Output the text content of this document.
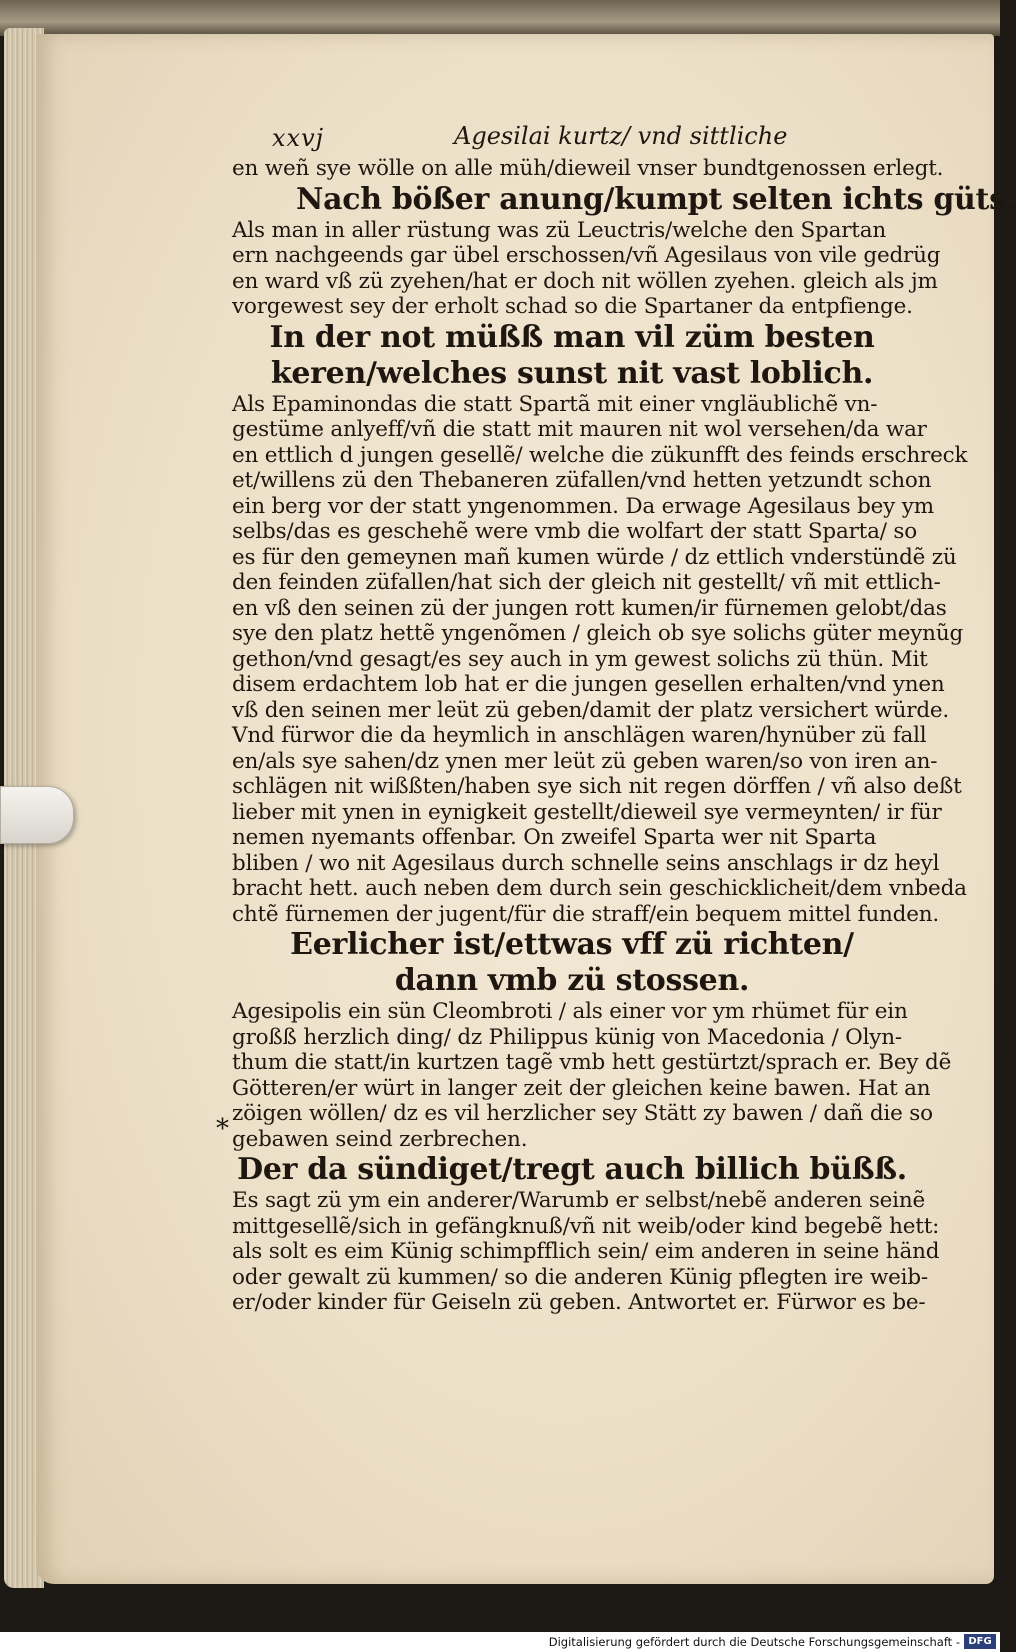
xxvj	Agesilai kurtz/ vnd sittliche
en weñ sye wölle on alle müh/dieweil vnser bundtgenossen erlegt.
Nach bößer anung/kumpt selten ichts güts.
Als man in aller rüstung was zü Leuctris/welche den Spartan
ern nachgeends gar übel erschossen/vñ Agesilaus von vile gedrüg
en ward vß zü zyehen/hat er doch nit wöllen zyehen. gleich als jm
vorgewest sey der erholt schad so die Spartaner da entpfienge.
In der not müßß man vil züm besten
keren/welches sunst nit vast loblich.
Als Epaminondas die statt Spartã mit einer vngläublichẽ vn-
gestüme anlyeff/vñ die statt mit mauren nit wol versehen/da war
en ettlich d jungen gesellẽ/ welche die zükunfft des feinds erschreck
et/willens zü den Thebaneren züfallen/vnd hetten yetzundt schon
ein berg vor der statt yngenommen. Da erwage Agesilaus bey ym
selbs/das es geschehẽ were vmb die wolfart der statt Sparta/ so
es für den gemeynen mañ kumen würde / dz ettlich vnderstündẽ zü
den feinden züfallen/hat sich der gleich nit gestellt/ vñ mit ettlich-
en vß den seinen zü der jungen rott kumen/ir fürnemen gelobt/das
sye den platz hettẽ yngenõmen / gleich ob sye solichs güter meynũg
gethon/vnd gesagt/es sey auch in ym gewest solichs zü thün. Mit
disem erdachtem lob hat er die jungen gesellen erhalten/vnd ynen
vß den seinen mer leüt zü geben/damit der platz versichert würde.
Vnd fürwor die da heymlich in anschlägen waren/hynüber zü fall
en/als sye sahen/dz ynen mer leüt zü geben waren/so von iren an-
schlägen nit wißßten/haben sye sich nit regen dörffen / vñ also deßt
lieber mit ynen in eynigkeit gestellt/dieweil sye vermeynten/ ir für
nemen nyemants offenbar. On zweifel Sparta wer nit Sparta
bliben / wo nit Agesilaus durch schnelle seins anschlags ir dz heyl
bracht hett. auch neben dem durch sein geschicklicheit/dem vnbeda
chtẽ fürnemen der jugent/für die straff/ein bequem mittel funden.
Eerlicher ist/ettwas vff zü richten/
dann vmb zü stossen.
Agesipolis ein sün Cleombroti / als einer vor ym rhümet für ein
großß herzlich ding/ dz Philippus künig von Macedonia / Olyn-
thum die statt/in kurtzen tagẽ vmb hett gestürtzt/sprach er. Bey dẽ
Götteren/er würt in langer zeit der gleichen keine bawen. Hat an
zöigen wöllen/ dz es vil herzlicher sey Stätt zy bawen / dañ die so
gebawen seind zerbrechen.
Der da sündiget/tregt auch billich büßß.
Es sagt zü ym ein anderer/Warumb er selbst/nebẽ anderen seinẽ
mittgesellẽ/sich in gefängknuß/vñ nit weib/oder kind begebẽ hett:
als solt es eim Künig schimpfflich sein/ eim anderen in seine händ
oder gewalt zü kummen/ so die anderen Künig pflegten ire weib-
er/oder kinder für Geiseln zü geben. Antwortet er. Fürwor es be-
*
Digitalisierung gefördert durch die Deutsche Forschungsgemeinschaft - DFG
